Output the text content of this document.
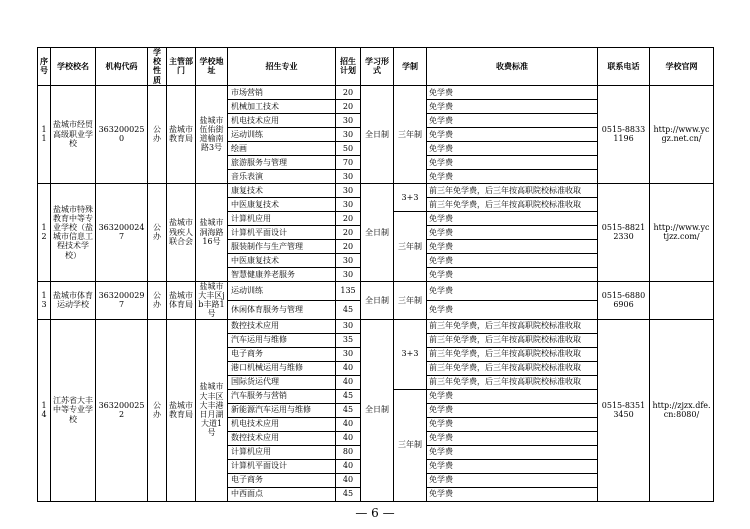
序号	学校校名	机构代码	学校性质	主管部门	学校地址	招生专业	招生计划	学习形式	学制	收费标准	联系电话	学校官网
11	盐城市经贸高级职业学校	3632000250	公办	盐城市教育局	盐城市伍佑街道榆南路3号	市场营销	20	全日制	三年制	免学费	0515-88331196	http://www.ycgz.net.cn/
						机械加工技术	20			免学费		
						机电技术应用	30			免学费		
						运动训练	30			免学费		
						绘画	50			免学费		
						旅游服务与管理	70			免学费		
						音乐表演	30			免学费		
12	盐城市特殊教育中等专业学校（盐城市信息工程技术学校）	3632000247	公办	盐城市残疾人联合会	盐城市洞海路16号	康复技术	30	全日制	3+3	前三年免学费，后三年按高职院校标准收取	0515-88212330	http://www.yctjzz.com/
						中医康复技术	30			前三年免学费，后三年按高职院校标准收取		
						计算机应用	20		三年制	免学费		
						计算机平面设计	20			免学费		
						服装制作与生产管理	20			免学费		
						中医康复技术	30			免学费		
						智慧健康养老服务	30			免学费		
13	盐城市体育运动学校	3632000297	公办	盐城市体育局	盐城市大丰区jb丰路1号	运动训练	135	全日制	三年制	免学费	0515-68806906	
						休闲体育服务与管理	45			免学费		
14	江苏省大丰中等专业学校	3632000252	公办	盐城市教育局	盐城市大丰区大丰港日月湖大道1号	数控技术应用	30	全日制	3+3	前三年免学费，后三年按高职院校标准收取	0515-83513450	http://zjzx.dfe.cn:8080/
						汽车运用与维修	35			前三年免学费，后三年按高职院校标准收取		
						电子商务	30			前三年免学费，后三年按高职院校标准收取		
						港口机械运用与维修	40			前三年免学费，后三年按高职院校标准收取		
						国际货运代理	40			前三年免学费，后三年按高职院校标准收取		
						汽车服务与营销	45		三年制	免学费		
						新能源汽车运用与维修	45			免学费		
						机电技术应用	40			免学费		
						数控技术应用	40			免学费		
						计算机应用	80			免学费		
						计算机平面设计	40			免学费		
						电子商务	40			免学费		
						中西面点	45			免学费		
— 6 —
